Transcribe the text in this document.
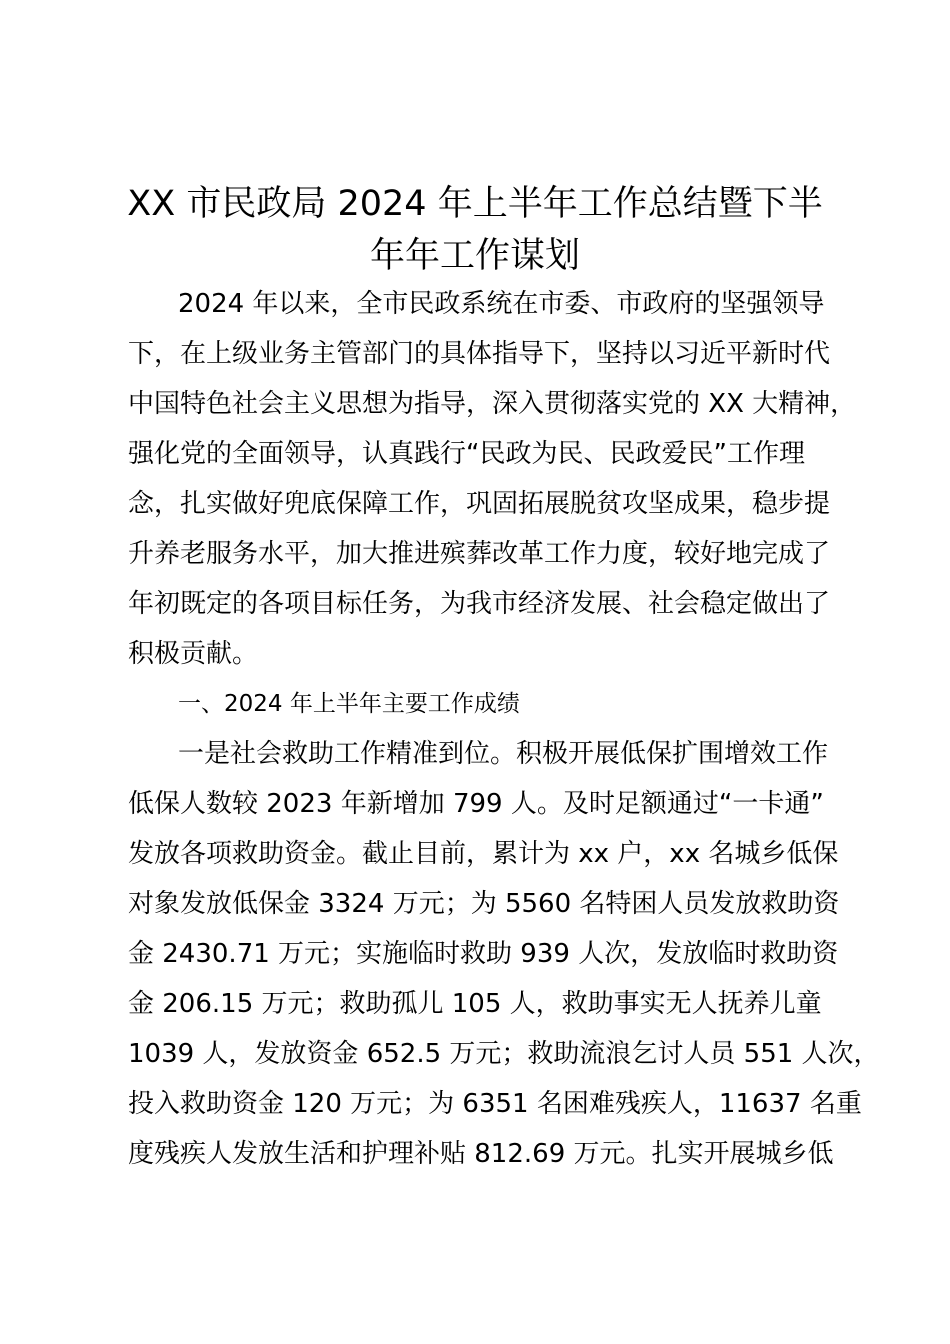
XX 市民政局 2024 年上半年工作总结暨下半
年年工作谋划
2024 年以来，全市民政系统在市委、市政府的坚强领导
下，在上级业务主管部门的具体指导下，坚持以习近平新时代
中国特色社会主义思想为指导，深入贯彻落实党的 XX 大精神，
强化党的全面领导，认真践行“民政为民、民政爱民”工作理
念，扎实做好兜底保障工作，巩固拓展脱贫攻坚成果，稳步提
升养老服务水平，加大推进殡葬改革工作力度，较好地完成了
年初既定的各项目标任务，为我市经济发展、社会稳定做出了
积极贡献。
一、2024 年上半年主要工作成绩
一是社会救助工作精准到位。积极开展低保扩围增效工作
低保人数较 2023 年新增加 799 人。及时足额通过“一卡通”
发放各项救助资金。截止目前，累计为 xx 户，xx 名城乡低保
对象发放低保金 3324 万元；为 5560 名特困人员发放救助资
金 2430.71 万元；实施临时救助 939 人次，发放临时救助资
金 206.15 万元；救助孤儿 105 人，救助事实无人抚养儿童
1039 人，发放资金 652.5 万元；救助流浪乞讨人员 551 人次，
投入救助资金 120 万元；为 6351 名困难残疾人，11637 名重
度残疾人发放生活和护理补贴 812.69 万元。扎实开展城乡低
